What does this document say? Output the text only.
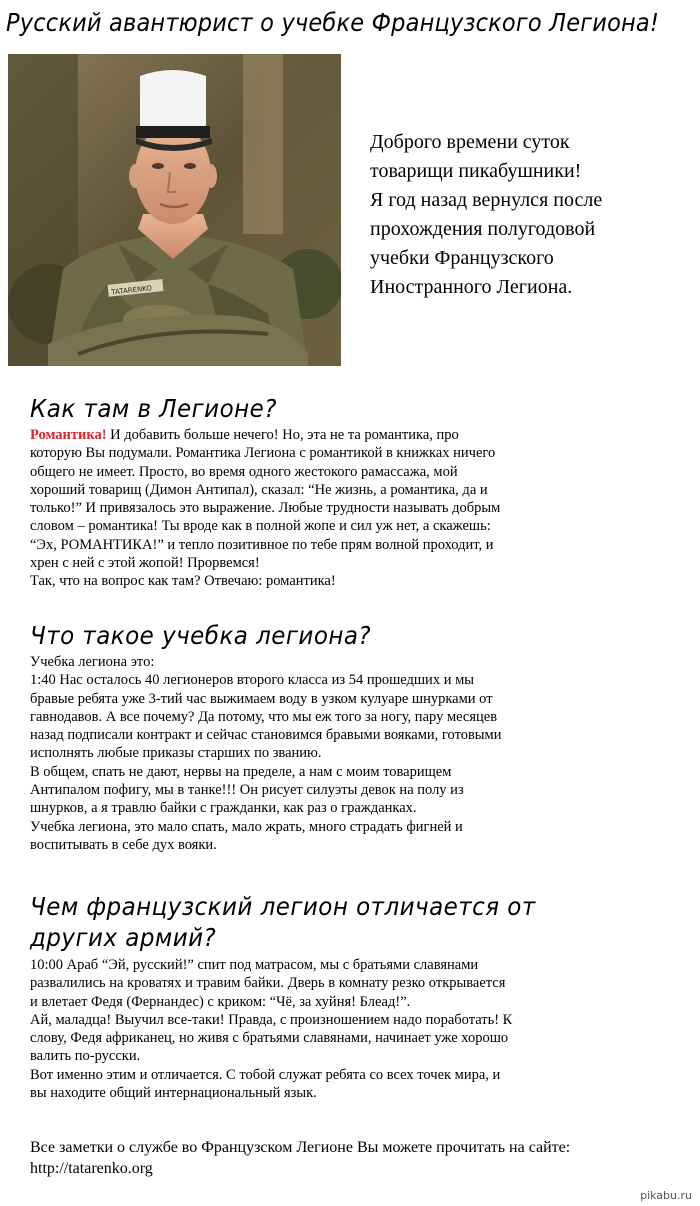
Русский авантюрист о учебке Французского Легиона!
TATARENKO
Доброго времени суток
товарищи пикабушники!
Я год назад вернулся после
прохождения полугодовой
учебки Французского
Иностранного Легиона.
Как там в Легионе?
Романтика! И добавить больше нечего! Но, эта не та романтика, про
которую Вы подумали. Романтика Легиона с романтикой в книжках ничего
общего не имеет. Просто, во время одного жестокого рамассажа, мой
хороший товарищ (Димон Антипал), сказал: “Не жизнь, а романтика, да и
только!” И привязалось это выражение. Любые трудности называть добрым
словом – романтика! Ты вроде как в полной жопе и сил уж нет, а скажешь:
“Эх, РОМАНТИКА!” и тепло позитивное по тебе прям волной проходит, и
хрен с ней с этой жопой! Прорвемся!
Так, что на вопрос как там? Отвечаю: романтика!
Что такое учебка легиона?
Учебка легиона это:
1:40 Нас осталось 40 легионеров второго класса из 54 прошедших и мы
бравые ребята уже 3-тий час выжимаем воду в узком кулуаре шнурками от
гавнодавов. А все почему? Да потому, что мы еж того за ногу, пару месяцев
назад подписали контракт и сейчас становимся бравыми вояками, готовыми
исполнять любые приказы старших по званию.
В общем, спать не дают, нервы на пределе, а нам с моим товарищем
Антипалом пофигу, мы в танке!!! Он рисует силуэты девок на полу из
шнурков, а я травлю байки с гражданки, как раз о гражданках.
Учебка легиона, это мало спать, мало жрать, много страдать фигней и
воспитывать в себе дух вояки.
Чем французский легион отличается от
других армий?
10:00 Араб “Эй, русский!” спит под матрасом, мы с братьями славянами
развалились на кроватях и травим байки. Дверь в комнату резко открывается
и влетает Федя (Фернандес) с криком: “Чё, за хуйня! Блеад!”.
Ай, маладца! Выучил все-таки! Правда, с произношением надо поработать! К
слову, Федя африканец, но живя с братьями славянами, начинает уже хорошо
валить по-русски.
Вот именно этим и отличается. С тобой служат ребята со всех точек мира, и
вы находите общий интернациональный язык.
Все заметки о службе во Французском Легионе Вы можете прочитать на сайте:
http://tatarenko.org
pikabu.ru
